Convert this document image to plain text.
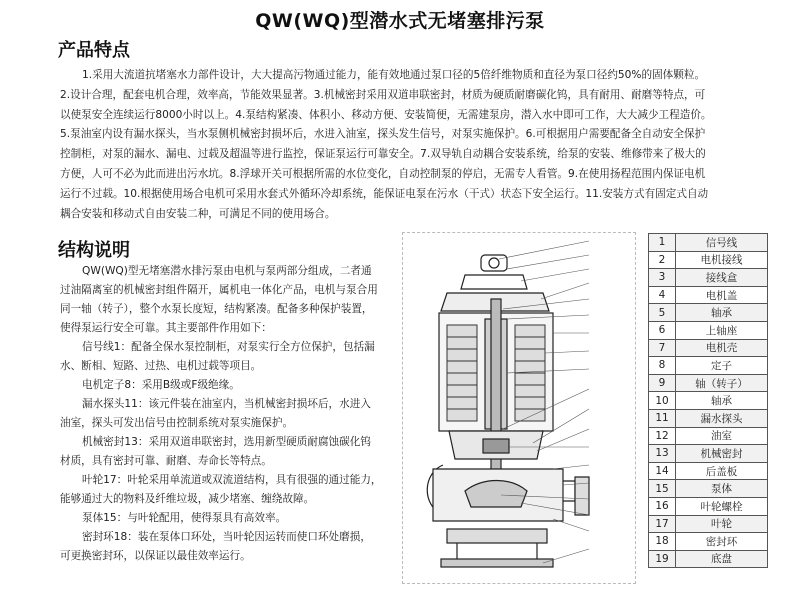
QW(WQ)型潜水式无堵塞排污泵
产品特点
1.采用大流道抗堵塞水力部件设计，大大提高污物通过能力，能有效地通过泵口径的5倍纤维物质和直径为泵口径约50%的固体颗粒。
2.设计合理，配套电机合理，效率高，节能效果显著。3.机械密封采用双道串联密封，材质为硬质耐磨碳化钨，具有耐用、耐磨等特点，可
以使泵安全连续运行8000小时以上。4.泵结构紧凑、体积小、移动方便、安装简便，无需建泵房，潜入水中即可工作，大大减少工程造价。
5.泵油室内设有漏水探头，当水泵侧机械密封损坏后，水进入油室，探头发生信号，对泵实施保护。6.可根据用户需要配备全自动安全保护
控制柜，对泵的漏水、漏电、过载及超温等进行监控，保证泵运行可靠安全。7.双导轨自动耦合安装系统，给泵的安装、维修带来了极大的
方便，人可不必为此而进出污水坑。8.浮球开关可根据所需的水位变化，自动控制泵的停启，无需专人看管。9.在使用扬程范围内保证电机
运行不过载。10.根据使用场合电机可采用水套式外循环冷却系统，能保证电泵在污水（干式）状态下安全运行。11.安装方式有固定式自动
耦合安装和移动式自由安装二种，可满足不同的使用场合。
结构说明
QW(WQ)型无堵塞潜水排污泵由电机与泵两部分组成，二者通
过油隔离室的机械密封组件隔开，属机电一体化产品，电机与泵合用
同一轴（转子），整个水泵长度短，结构紧凑。配备多种保护装置，
使得泵运行安全可靠。其主要部件作用如下：
信号线1：配备全保水泵控制柜，对泵实行全方位保护，包括漏
水、断相、短路、过热、电机过载等项目。
电机定子8：采用B级或F级绝缘。
漏水探头11：该元件装在油室内，当机械密封损坏后，水进入
油室，探头可发出信号由控制系统对泵实施保护。
机械密封13：采用双道串联密封，选用新型硬质耐腐蚀碳化钨
材质，具有密封可靠、耐磨、寿命长等特点。
叶轮17：叶轮采用单流道或双流道结构，具有很强的通过能力，
能够通过大的物料及纤维垃圾，减少堵塞、缠绕故障。
泵体15：与叶轮配用，使得泵具有高效率。
密封环18：装在泵体口环处，当叶轮因运转而使口环处磨损，
可更换密封环，以保证以最佳效率运行。
1	信号线
2	电机接线
3	接线盒
4	电机盖
5	轴承
6	上轴座
7	电机壳
8	定子
9	轴（转子）
10	轴承
11	漏水探头
12	油室
13	机械密封
14	后盖板
15	泵体
16	叶轮螺栓
17	叶轮
18	密封环
19	底盘
